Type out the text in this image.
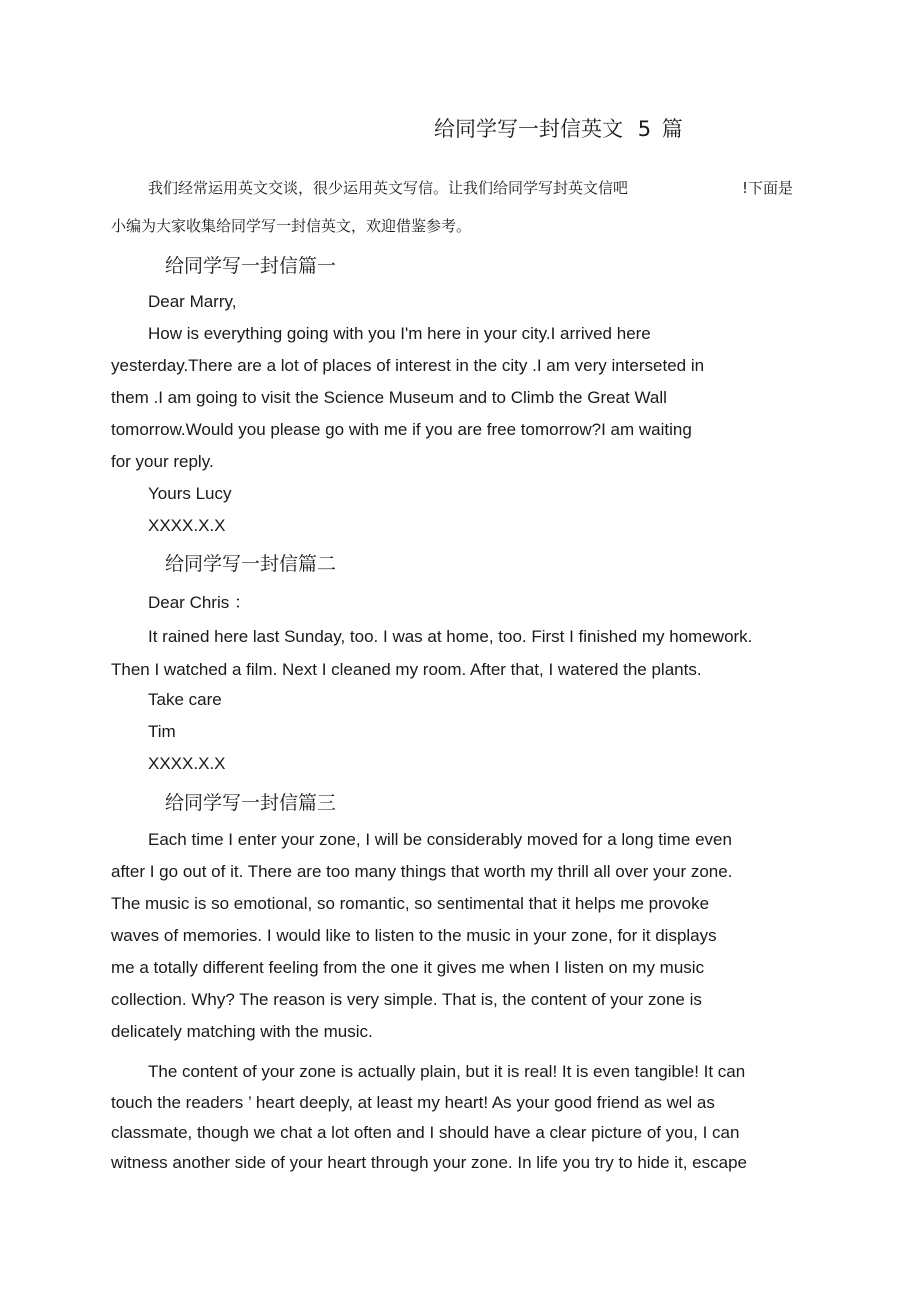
给同学写一封信英文 5 篇
我们经常运用英文交谈，很少运用英文写信。让我们给同学写封英文信吧	!下面是
小编为大家收集给同学写一封信英文，欢迎借鉴参考。
给同学写一封信篇一
Dear Marry,
How is everything going with you I'm here in your city.I arrived here
yesterday.There are a lot of places of interest in the city .I am very interseted in
them .I am going to visit the Science Museum and to Climb the Great Wall
tomorrow.Would you please go with me if you are free tomorrow?I am waiting
for your reply.
Yours Lucy
XXXX.X.X
给同学写一封信篇二
Dear Chris ：
It rained here last Sunday, too. I was at home, too. First I finished my homework.
Then I watched a film. Next I cleaned my room. After that, I watered the plants.
Take care
Tim
XXXX.X.X
给同学写一封信篇三
Each time I enter your zone, I will be considerably moved for a long time even
after I go out of it. There are too many things that worth my thrill all over your zone.
The music is so emotional, so romantic, so sentimental that it helps me provoke
waves of memories. I would like to listen to the music in your zone, for it displays
me a totally different feeling from the one it gives me when I listen on my music
collection. Why? The reason is very simple. That is, the content of your zone is
delicately matching with the music.
The content of your zone is actually plain, but it is real! It is even tangible! It can
touch the readers ’ heart deeply, at least my heart! As your good friend as wel as
classmate, though we chat a lot often and I should have a clear picture of you, I can
witness another side of your heart through your zone. In life you try to hide it, escape
